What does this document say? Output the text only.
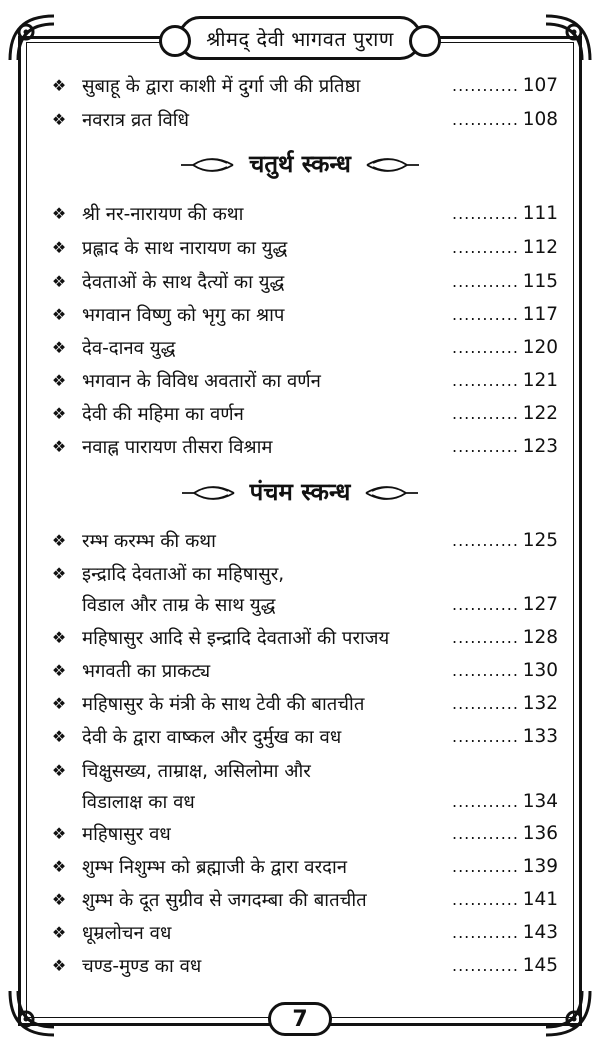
श्रीमद् देवी भागवत पुराण
❖ सुबाहू के द्वारा काशी में दुर्गा जी की प्रतिष्ठा	........... 107
❖ नवरात्र व्रत विधि	........... 108
चतुर्थ स्कन्ध
❖ श्री नर-नारायण की कथा	........... 111
❖ प्रह्लाद के साथ नारायण का युद्ध	........... 112
❖ देवताओं के साथ दैत्यों का युद्ध	........... 115
❖ भगवान विष्णु को भृगु का श्राप	........... 117
❖ देव-दानव युद्ध	........... 120
❖ भगवान के विविध अवतारों का वर्णन	........... 121
❖ देवी की महिमा का वर्णन	........... 122
❖ नवाह्न पारायण तीसरा विश्राम	........... 123
पंचम स्कन्ध
❖ रम्भ करम्भ की कथा	........... 125
❖ इन्द्रादि देवताओं का महिषासुर,
विडाल और ताम्र के साथ युद्ध	........... 127
❖ महिषासुर आदि से इन्द्रादि देवताओं की पराजय	........... 128
❖ भगवती का प्राकट्य	........... 130
❖ महिषासुर के मंत्री के साथ टेवी की बातचीत	........... 132
❖ देवी के द्वारा वाष्कल और दुर्मुख का वध	........... 133
❖ चिक्षुसख्य, ताम्राक्ष, असिलोमा और
विडालाक्ष का वध	........... 134
❖ महिषासुर वध	........... 136
❖ शुम्भ निशुम्भ को ब्रह्माजी के द्वारा वरदान	........... 139
❖ शुम्भ के दूत सुग्रीव से जगदम्बा की बातचीत	........... 141
❖ धूम्रलोचन वध	........... 143
❖ चण्ड-मुण्ड का वध	........... 145
7
